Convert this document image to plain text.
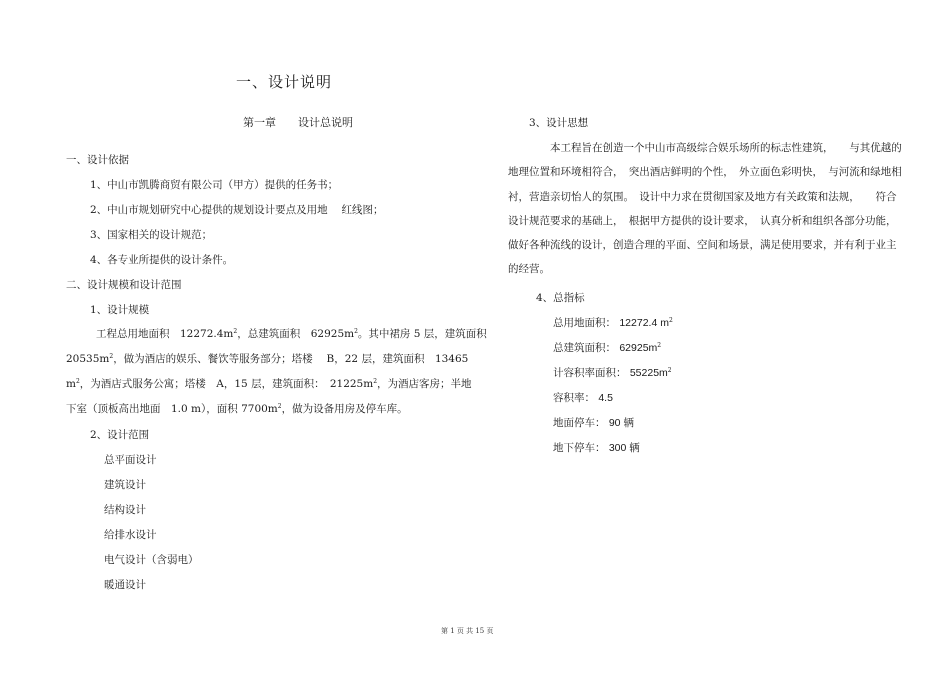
一、设计说明
第一章 设计总说明
一、设计依据
1、中山市凯腾商贸有限公司（甲方）提供的任务书；
2、中山市规划研究中心提供的规划设计要点及用地　 红线图；
3、国家相关的设计规范；
4、各专业所提供的设计条件。
二、设计规模和设计范围
1、设计规模
工程总用地面积　$12272.4m^2$，总建筑面积　$62925m^2$。其中裙房 5 层，建筑面积
$20535m^2$，做为酒店的娱乐、餐饮等服务部分；塔楼　 B，22 层，建筑面积　13465
$m^2$，为酒店式服务公寓；塔楼　A，15 层，建筑面积：　$21225m^2$，为酒店客房；半地
下室（顶板高出地面　1.0 m），面积 $7700m^2$，做为设备用房及停车库。
2、设计范围
总平面设计
建筑设计
结构设计
给排水设计
电气设计（含弱电）
暖通设计
3、设计思想
本工程旨在创造一个中山市高级综合娱乐场所的标志性建筑，　　与其优越的地理位置和环境相符合，　突出酒店鲜明的个性，　外立面色彩明快，　与河流和绿地相衬，营造亲切怡人的氛围。　设计中力求在贯彻国家及地方有关政策和法规，　　符合设计规范要求的基础上，　根据甲方提供的设计要求，　认真分析和组织各部分功能，　做好各种流线的设计，创造合理的平面、空间和场景，满足使用要求，并有利于业主的经营。
4、总指标
总用地面积： 12272.4 $m^2$
总建筑面积： $62925m^2$
计容积率面积： $55225m^2$
容积率： 4.5
地面停车： 90 辆
地下停车： 300 辆
第 1 页 共 15 页
